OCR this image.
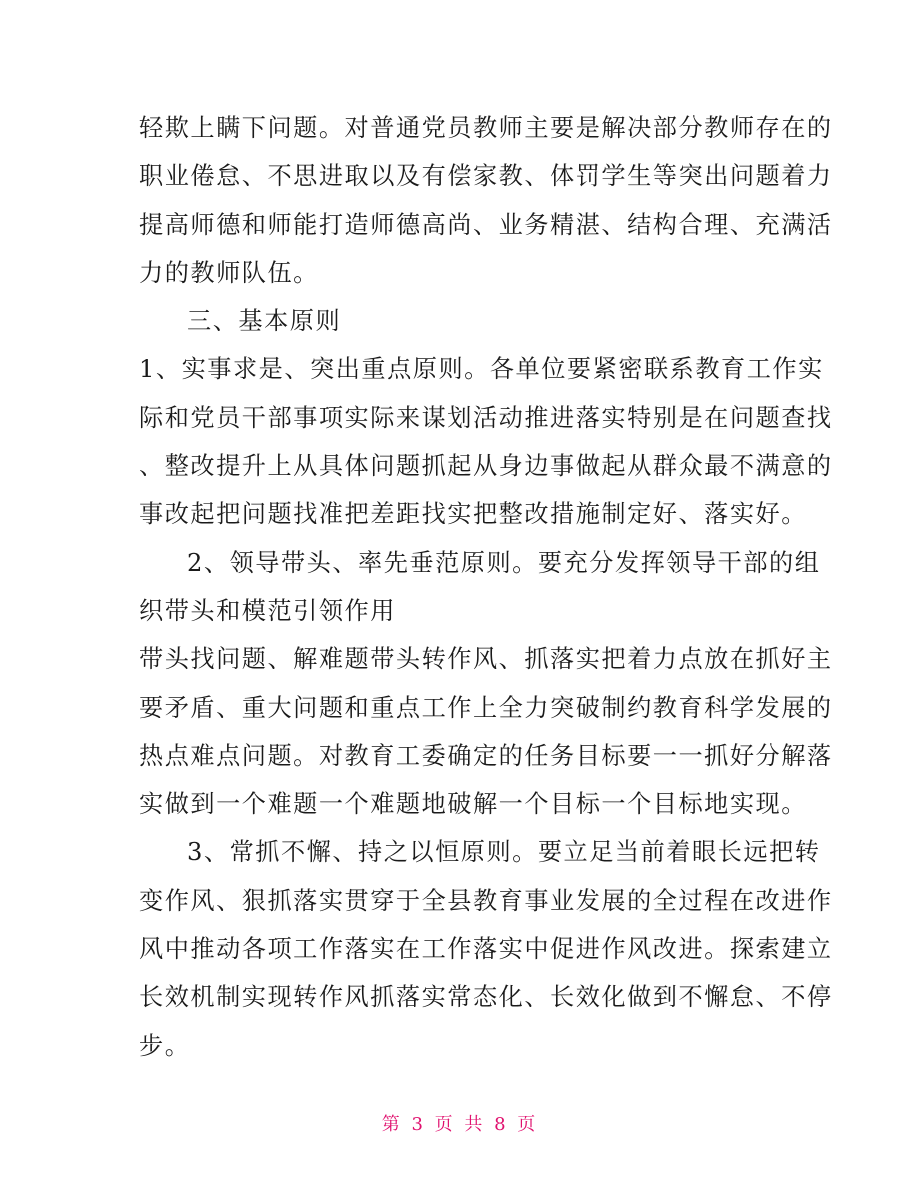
轻欺上瞒下问题。对普通党员教师主要是解决部分教师存在的
职业倦怠、不思进取以及有偿家教、体罚学生等突出问题着力
提高师德和师能打造师德高尚、业务精湛、结构合理、充满活
力的教师队伍。

三、基本原则

1、实事求是、突出重点原则。各单位要紧密联系教育工作实
际和党员干部事项实际来谋划活动推进落实特别是在问题查找
、整改提升上从具体问题抓起从身边事做起从群众最不满意的
事改起把问题找准把差距找实把整改措施制定好、落实好。

2、领导带头、率先垂范原则。要充分发挥领导干部的组
织带头和模范引领作用
带头找问题、解难题带头转作风、抓落实把着力点放在抓好主
要矛盾、重大问题和重点工作上全力突破制约教育科学发展的
热点难点问题。对教育工委确定的任务目标要一一抓好分解落
实做到一个难题一个难题地破解一个目标一个目标地实现。

3、常抓不懈、持之以恒原则。要立足当前着眼长远把转
变作风、狠抓落实贯穿于全县教育事业发展的全过程在改进作
风中推动各项工作落实在工作落实中促进作风改进。探索建立
长效机制实现转作风抓落实常态化、长效化做到不懈怠、不停
步。

第 3 页 共 8 页
